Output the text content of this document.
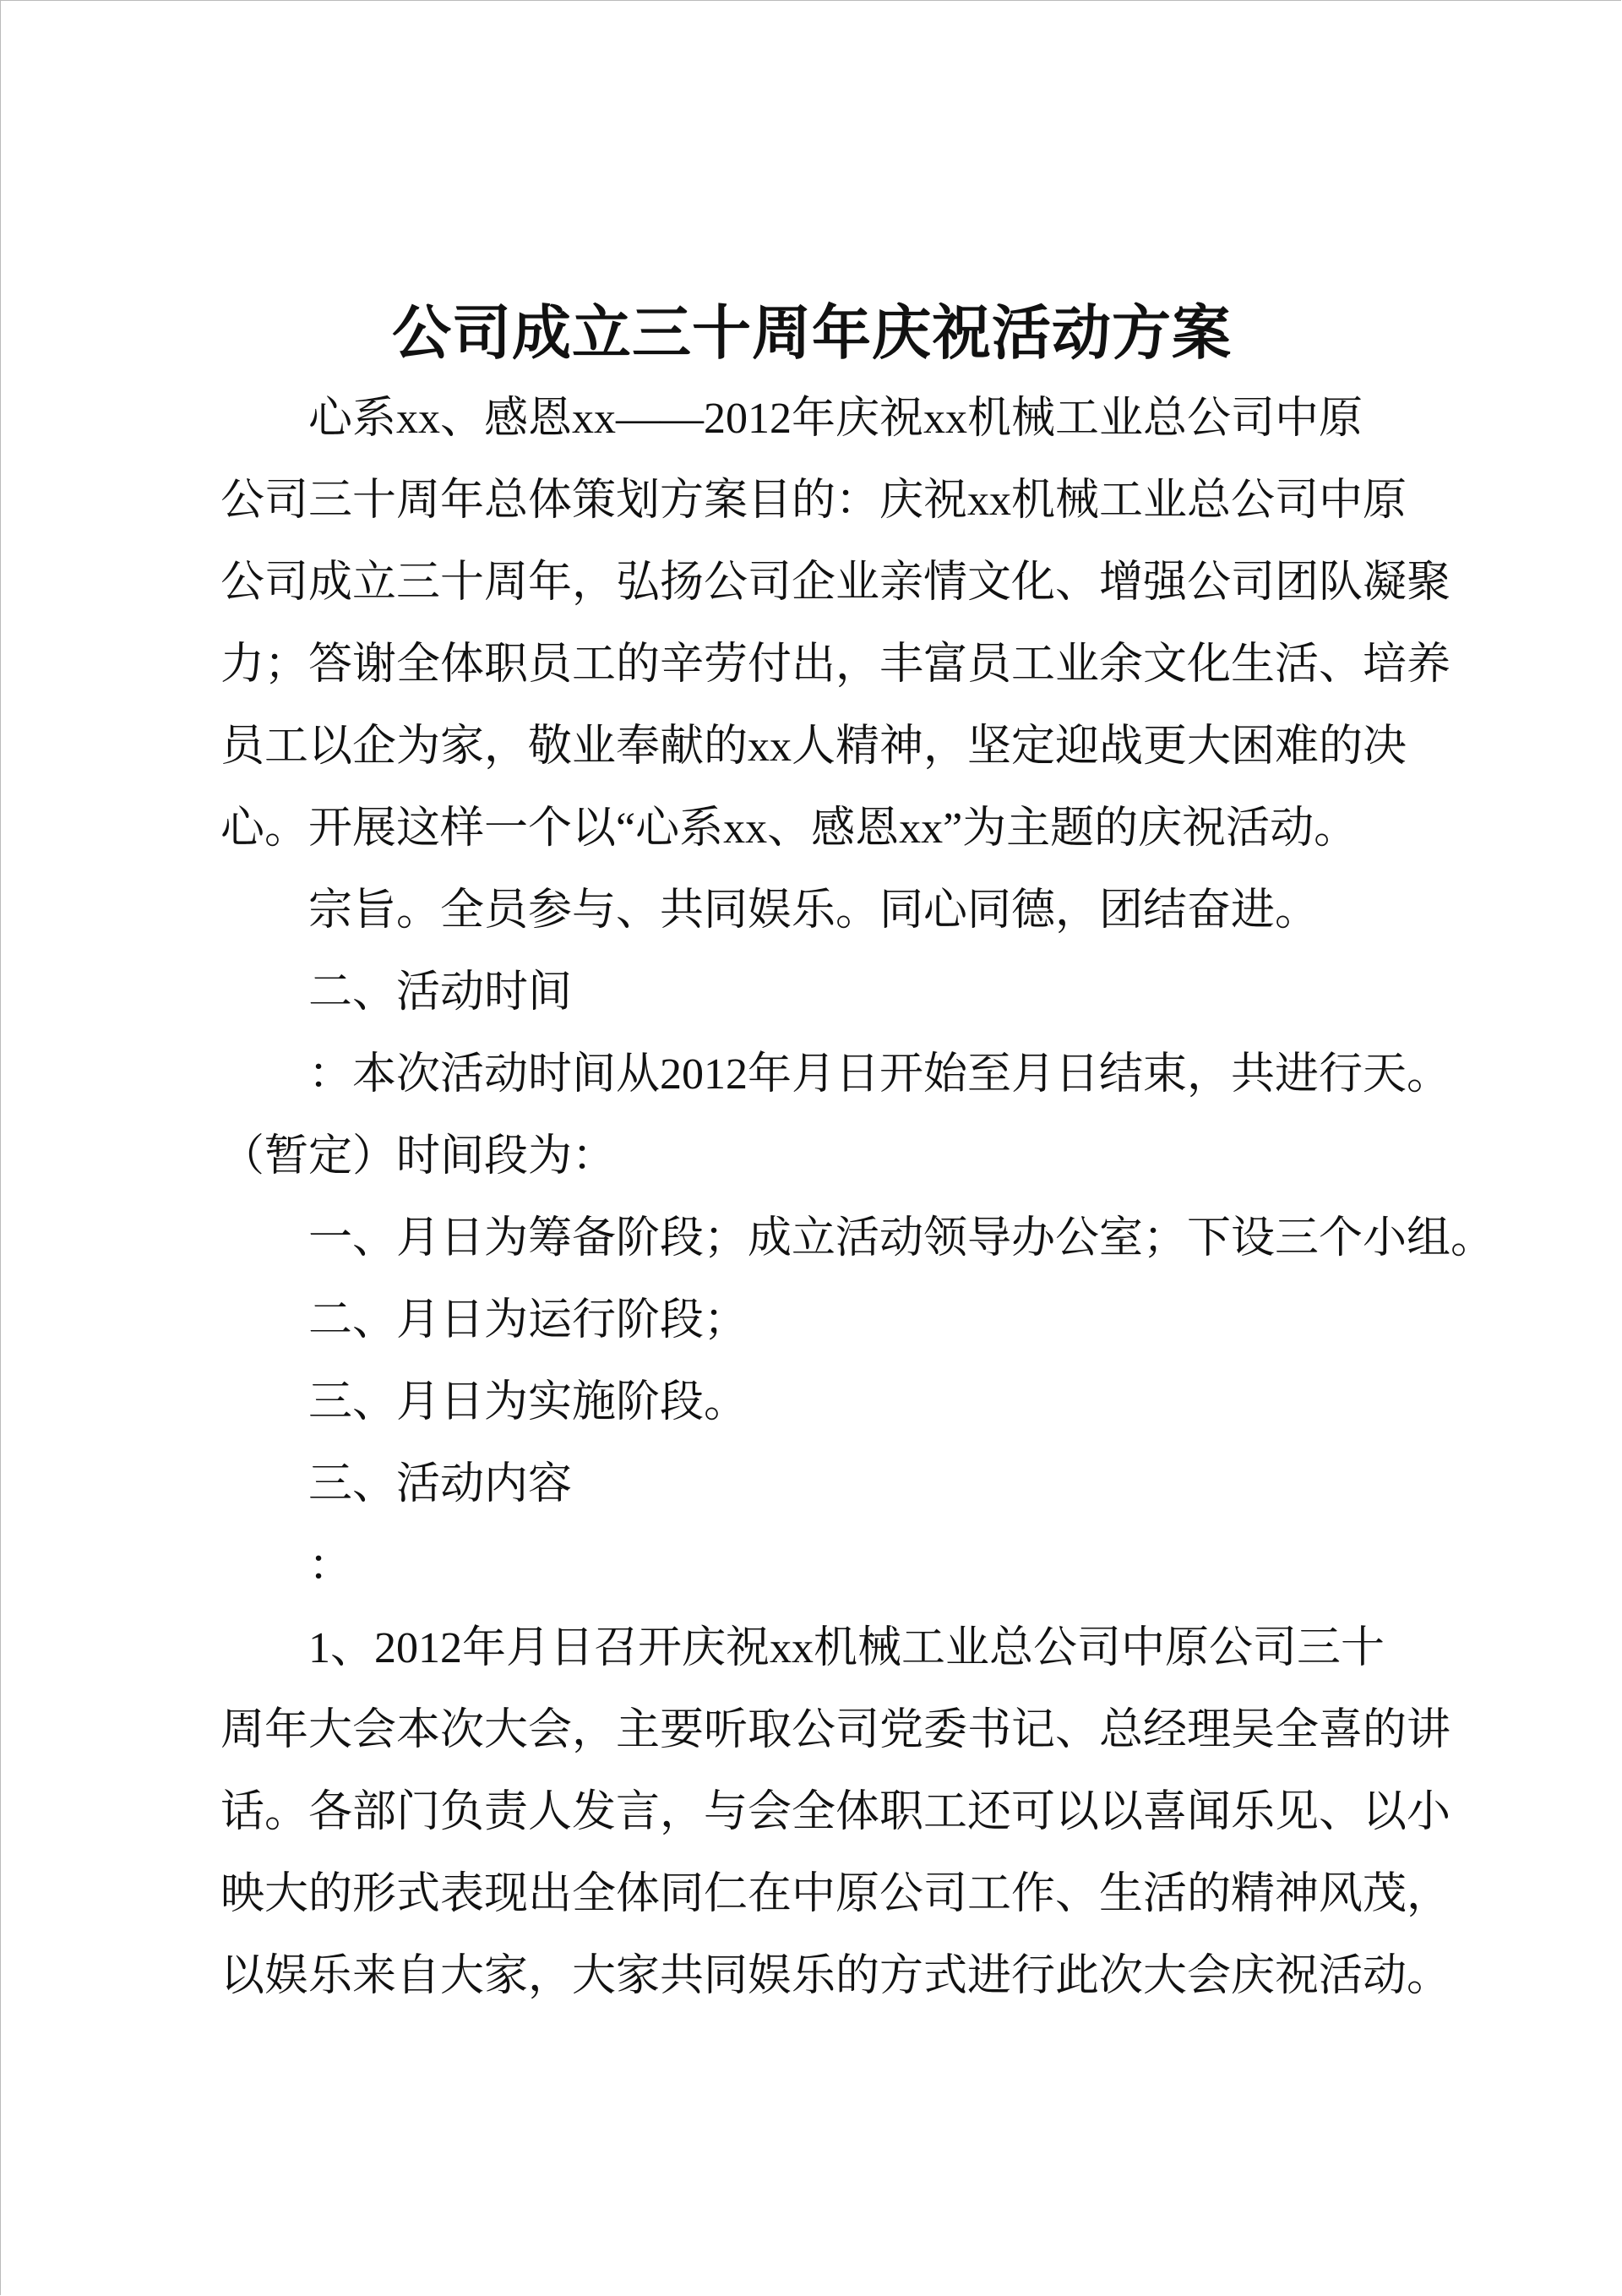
公司成立三十周年庆祝活动方案
心系xx、感恩xx——2012年庆祝xx机械工业总公司中原
公司三十周年总体策划方案目的：庆祝xx机械工业总公司中原
公司成立三十周年，弘扬公司企业亲情文化、增强公司团队凝聚
力；答谢全体职员工的辛劳付出，丰富员工业余文化生活、培养
员工以企为家，敬业奉献的xx人精神，坚定迎战更大困难的决
心。开展这样一个以“心系xx、感恩xx”为主题的庆祝活动。
宗旨。全员参与、共同娱乐。同心同德，团结奋进。
二、活动时间
：本次活动时间从2012年月日开始至月日结束，共进行天。
（暂定）时间段为：
一、月日为筹备阶段；成立活动领导办公室；下设三个小组。
二、月日为运行阶段；
三、月日为实施阶段。
三、活动内容
：
1、2012年月日召开庆祝xx机械工业总公司中原公司三十
周年大会本次大会，主要听取公司党委书记、总经理吴全喜的讲
话。各部门负责人发言，与会全体职工还可以以喜闻乐见、以小
映大的形式表现出全体同仁在中原公司工作、生活的精神风茂，
以娱乐来自大家，大家共同娱乐的方式进行此次大会庆祝活动。
